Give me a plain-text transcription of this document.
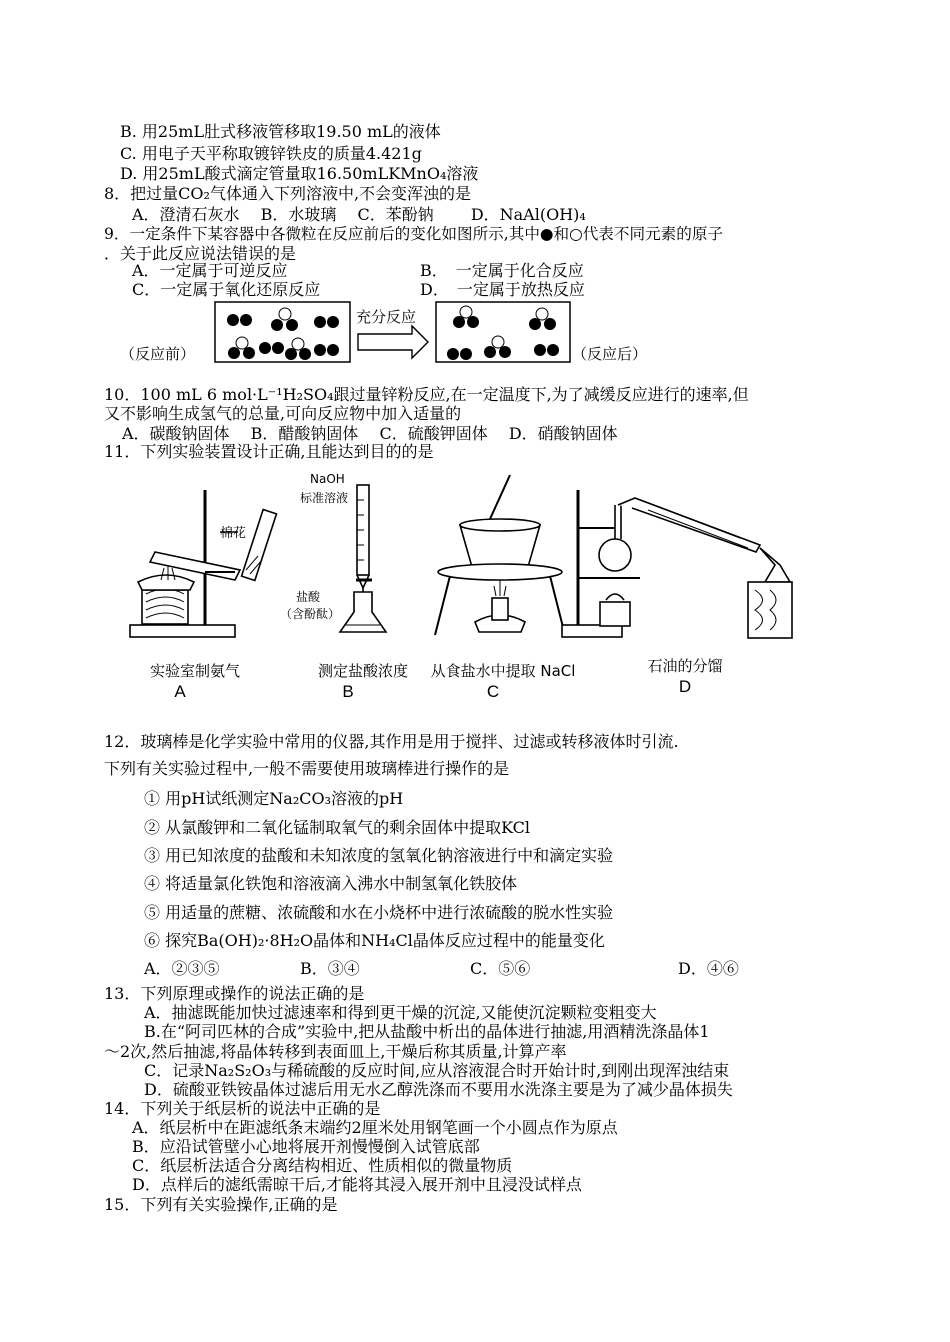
B. 用25mL肚式移液管移取19.50 mL的液体
C. 用电子天平称取镀锌铁皮的质量4.421g
D. 用25mL酸式滴定管量取16.50mLKMnO₄溶液
8．把过量CO₂气体通入下列溶液中,不会变浑浊的是
A．澄清石灰水　 B．水玻璃　 C．苯酚钠　　 D．NaAl(OH)₄
9．一定条件下某容器中各微粒在反应前后的变化如图所示,其中●和○代表不同元素的原子
．关于此反应说法错误的是
A．一定属于可逆反应	B．　一定属于化合反应
C．一定属于氧化还原反应	D．　一定属于放热反应
（反应前）
充分反应
（反应后）
10．100 mL 6 mol·L⁻¹H₂SO₄跟过量锌粉反应,在一定温度下,为了减缓反应进行的速率,但
又不影响生成氢气的总量,可向反应物中加入适量的
A．碳酸钠固体　 B．醋酸钠固体　 C．硫酸钾固体　 D．硝酸钠固体
11．下列实验装置设计正确,且能达到目的的是
实验室制氨气	测定盐酸浓度	从食盐水中提取 NaCl	石油的分馏
A	B	C	D
棉花
NaOH
标准溶液
盐酸
（含酚酞）
12．玻璃棒是化学实验中常用的仪器,其作用是用于搅拌、过滤或转移液体时引流.
下列有关实验过程中,一般不需要使用玻璃棒进行操作的是
① 用pH试纸测定Na₂CO₃溶液的pH
② 从氯酸钾和二氧化锰制取氧气的剩余固体中提取KCl
③ 用已知浓度的盐酸和未知浓度的氢氧化钠溶液进行中和滴定实验
④ 将适量氯化铁饱和溶液滴入沸水中制氢氧化铁胶体
⑤ 用适量的蔗糖、浓硫酸和水在小烧杯中进行浓硫酸的脱水性实验
⑥ 探究Ba(OH)₂·8H₂O晶体和NH₄Cl晶体反应过程中的能量变化
A．②③⑤	B．③④	C．⑤⑥	D．④⑥
13．下列原理或操作的说法正确的是
A．抽滤既能加快过滤速率和得到更干燥的沉淀,又能使沉淀颗粒变粗变大
B.在“阿司匹林的合成”实验中,把从盐酸中析出的晶体进行抽滤,用酒精洗涤晶体1
～2次,然后抽滤,将晶体转移到表面皿上,干燥后称其质量,计算产率
C．记录Na₂S₂O₃与稀硫酸的反应时间,应从溶液混合时开始计时,到刚出现浑浊结束
D．硫酸亚铁铵晶体过滤后用无水乙醇洗涤而不要用水洗涤主要是为了减少晶体损失
14．下列关于纸层析的说法中正确的是
A．纸层析中在距滤纸条末端约2厘米处用钢笔画一个小圆点作为原点
B．应沿试管壁小心地将展开剂慢慢倒入试管底部
C．纸层析法适合分离结构相近、性质相似的微量物质
D．点样后的滤纸需晾干后,才能将其浸入展开剂中且浸没试样点
15．下列有关实验操作,正确的是
